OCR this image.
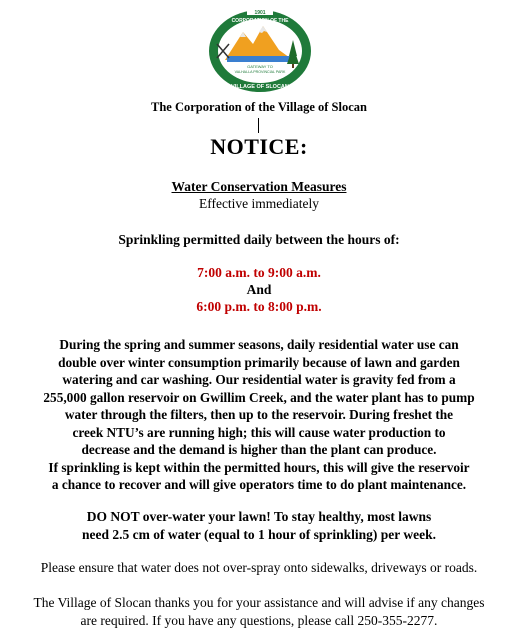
1901
CORPORATION OF THE
GATEWAY TO
VALHALLA PROVINCIAL PARK
VILLAGE OF SLOCAN
The Corporation of the Village of Slocan
NOTICE:
Water Conservation Measures
Effective immediately
Sprinkling permitted daily between the hours of:
7:00 a.m. to 9:00 a.m.
And
6:00 p.m. to 8:00 p.m.
During the spring and summer seasons, daily residential water use can
double over winter consumption primarily because of lawn and garden
watering and car washing. Our residential water is gravity fed from a
255,000 gallon reservoir on Gwillim Creek, and the water plant has to pump
water through the filters, then up to the reservoir. During freshet the
creek NTU’s are running high; this will cause water production to
decrease and the demand is higher than the plant can produce.
If sprinkling is kept within the permitted hours, this will give the reservoir
a chance to recover and will give operators time to do plant maintenance.
DO NOT over-water your lawn! To stay healthy, most lawns
need 2.5 cm of water (equal to 1 hour of sprinkling) per week.
Please ensure that water does not over-spray onto sidewalks, driveways or roads.
The Village of Slocan thanks you for your assistance and will advise if any changes
are required. If you have any questions, please call 250-355-2277.
